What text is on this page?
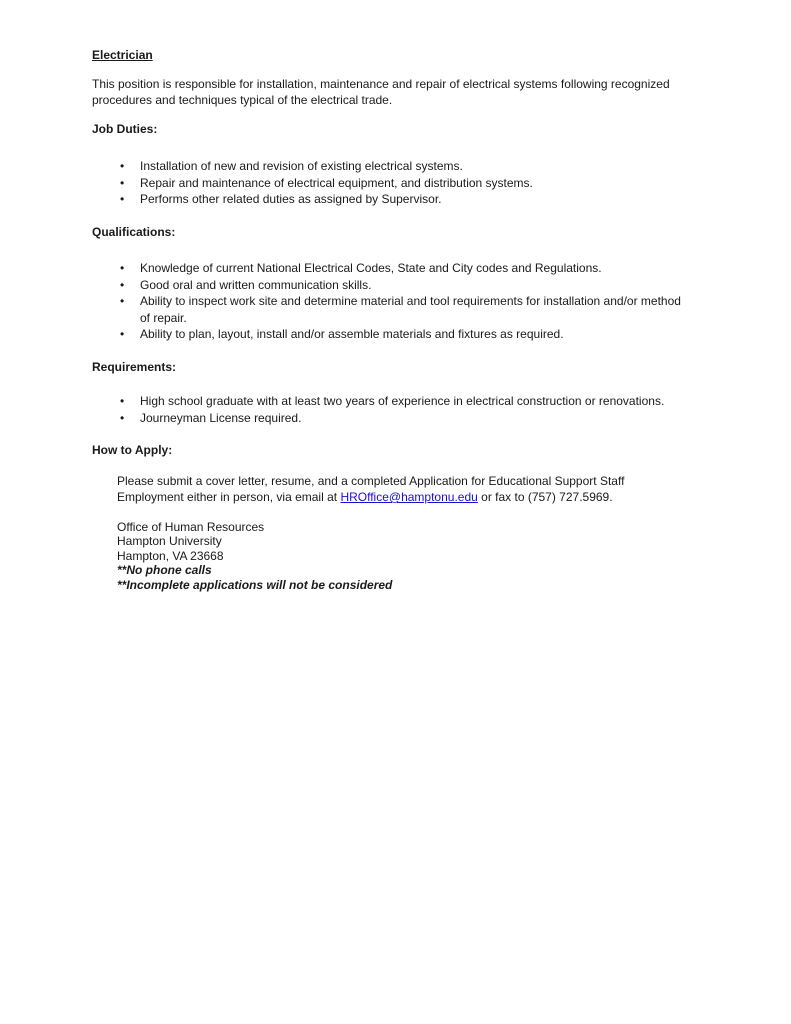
Electrician

This position is responsible for installation, maintenance and repair of electrical systems following recognized procedures and techniques typical of the electrical trade.

Job Duties:
• Installation of new and revision of existing electrical systems.
• Repair and maintenance of electrical equipment, and distribution systems.
• Performs other related duties as assigned by Supervisor.
Qualifications:
• Knowledge of current National Electrical Codes, State and City codes and Regulations.
• Good oral and written communication skills.
• Ability to inspect work site and determine material and tool requirements for installation and/or method of repair.
• Ability to plan, layout, install and/or assemble materials and fixtures as required.
Requirements:
• High school graduate with at least two years of experience in electrical construction or renovations.
• Journeyman License required.
How to Apply:

Please submit a cover letter, resume, and a completed Application for Educational Support Staff Employment either in person, via email at HROffice@hamptonu.edu or fax to (757) 727.5969.

Office of Human Resources
Hampton University
Hampton, VA 23668
**No phone calls
**Incomplete applications will not be considered
